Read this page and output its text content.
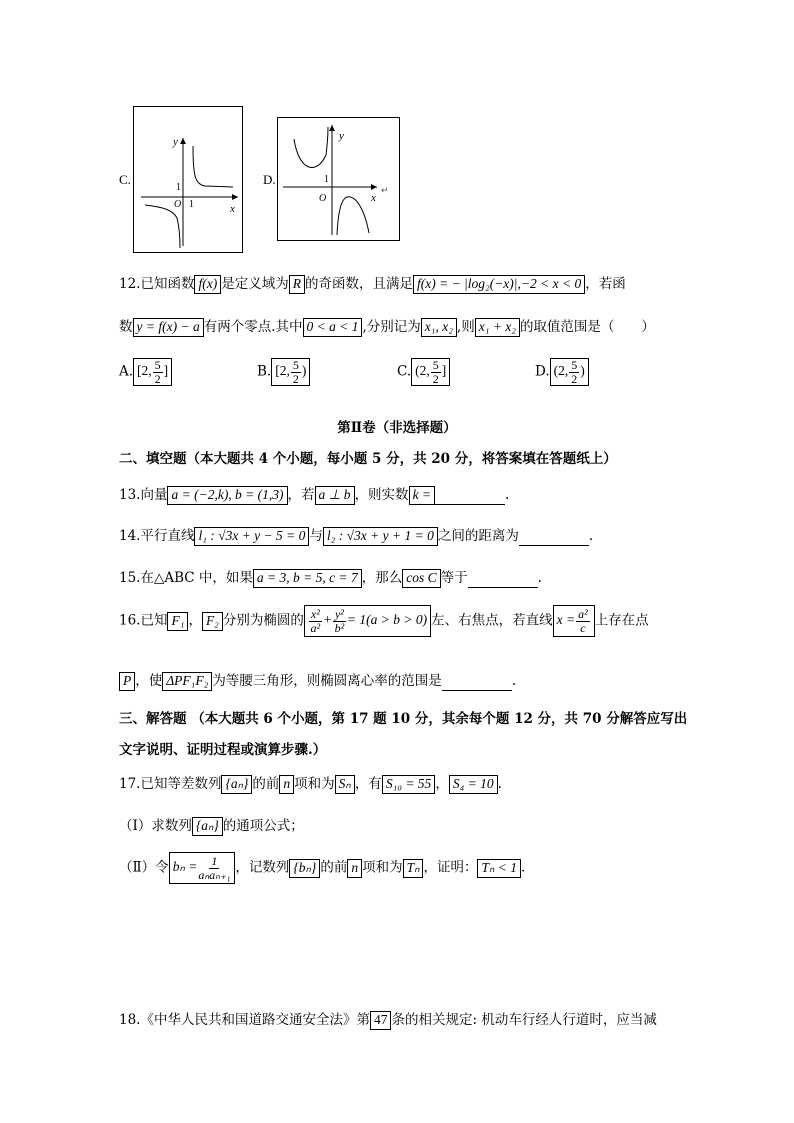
C.
y
x
1
O 1
D.
y
x
1
O
↵
12.已知函数 f(x) 是定义域为 R 的奇函数，且满足 f(x) = − |log₂(−x)|,−2 < x < 0 ，若函
数 y = f(x) − a 有两个零点.其中 0 < a < 1 ,分别记为 x₁, x₂ ,则 x₁ + x₂ 的取值范围是（　　）
A. [2, $\frac{5}{2}$ ]	B. [2, $\frac{5}{2}$ )	C. (2, $\frac{5}{2}$ ]	D. (2, $\frac{5}{2}$ )
第Ⅱ卷（非选择题）
二、填空题（本大题共 4 个小题，每小题 5 分，共 20 分，将答案填在答题纸上）
13.向量 a = (−2,k), b = (1,3) ，若 a ⊥ b ，则实数 k =	.
14.平行直线 l₁ : √3x + y − 5 = 0 与 l₂ : √3x + y + 1 = 0 之间的距离为	.
15.在△ABC 中，如果 a = 3, b = 5, c = 7 ，那么 cos C 等于	.
16.已知 F₁ ， F₂ 分别为椭圆的 $\frac{\text{x²}}{\text{a²}} + \frac{\text{y²}}{\text{b²}} = 1(a > b > 0)$ 左、右焦点，若直线 $x = \frac{\text{a²}}{c}$ 上存在点
P ，使 ΔPF₁F₂ 为等腰三角形，则椭圆离心率的范围是	.
三、解答题 （本大题共 6 个小题，第 17 题 10 分，其余每个题 12 分，共 70 分解答应写出
文字说明、证明过程或演算步骤.）
17.已知等差数列 {aₙ} 的前 n 项和为 Sₙ ，有 S₁₀ = 55 ， S₄ = 10 .
（Ⅰ）求数列 {aₙ} 的通项公式；
（Ⅱ）令 $b_n = \frac{1}{\text{aₙaₙ₊₁}}$ ，记数列 {bₙ} 的前 n 项和为 Tₙ ，证明： Tₙ < 1 .
18.《中华人民共和国道路交通安全法》第 47 条的相关规定: 机动车行经人行道时，应当减
